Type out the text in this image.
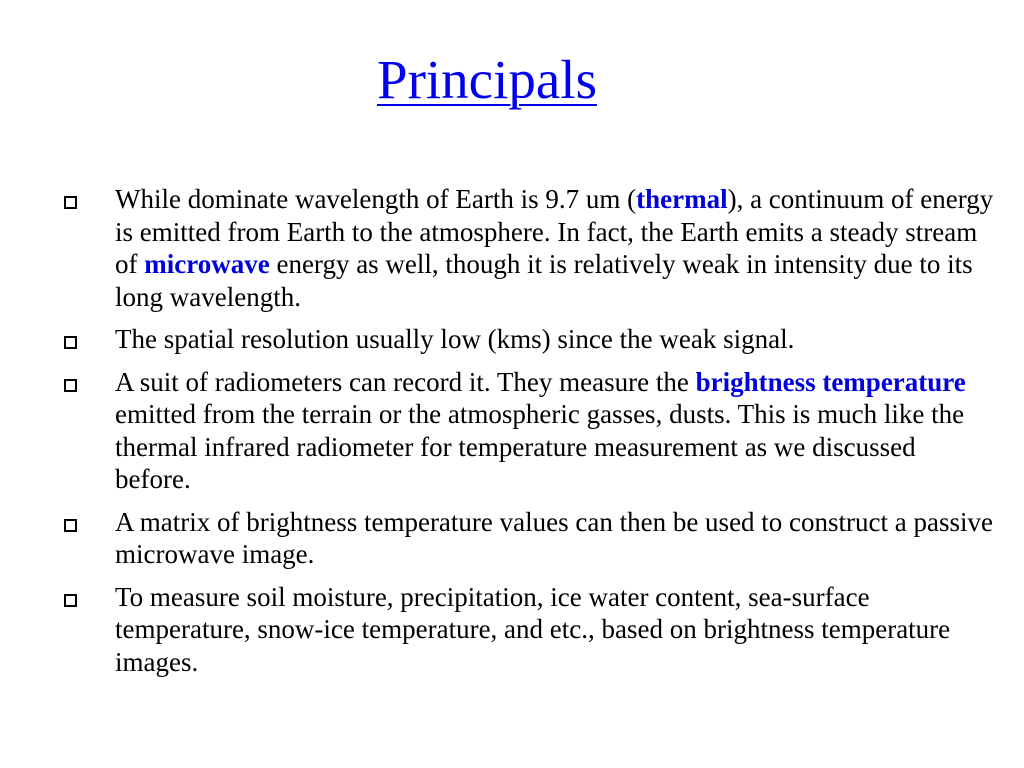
Principals
While dominate wavelength of Earth is 9.7 um (thermal), a continuum of energy is emitted from Earth to the atmosphere. In fact, the Earth emits a steady stream of microwave energy as well, though it is relatively weak in intensity due to its long wavelength.
The spatial resolution usually low (kms) since the weak signal.
A suit of radiometers can record it. They measure the brightness temperature emitted from the terrain or the atmospheric gasses, dusts. This is much like the thermal infrared radiometer for temperature measurement as we discussed before.
A matrix of brightness temperature values can then be used to construct a passive microwave image.
To measure soil moisture, precipitation, ice water content, sea-surface temperature, snow-ice temperature, and etc., based on brightness temperature images.
